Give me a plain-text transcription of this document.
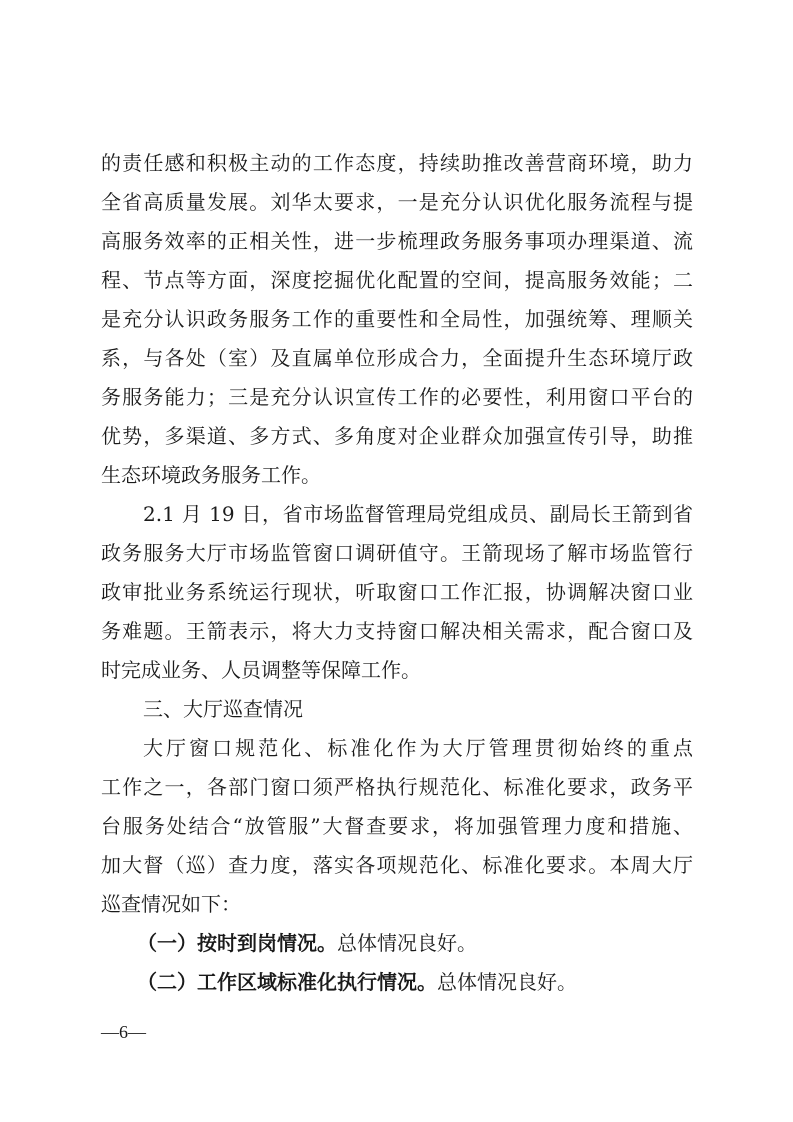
的责任感和积极主动的工作态度，持续助推改善营商环境，助力
全省高质量发展。刘华太要求，一是充分认识优化服务流程与提
高服务效率的正相关性，进一步梳理政务服务事项办理渠道、流
程、节点等方面，深度挖掘优化配置的空间，提高服务效能；二
是充分认识政务服务工作的重要性和全局性，加强统筹、理顺关
系，与各处（室）及直属单位形成合力，全面提升生态环境厅政
务服务能力；三是充分认识宣传工作的必要性，利用窗口平台的
优势，多渠道、多方式、多角度对企业群众加强宣传引导，助推
生态环境政务服务工作。
2.1 月 19 日，省市场监督管理局党组成员、副局长王箭到省
政务服务大厅市场监管窗口调研值守。王箭现场了解市场监管行
政审批业务系统运行现状，听取窗口工作汇报，协调解决窗口业
务难题。王箭表示，将大力支持窗口解决相关需求，配合窗口及
时完成业务、人员调整等保障工作。
三、大厅巡查情况
大厅窗口规范化、标准化作为大厅管理贯彻始终的重点
工作之一，各部门窗口须严格执行规范化、标准化要求，政务平
台服务处结合“放管服”大督查要求，将加强管理力度和措施、
加大督（巡）查力度，落实各项规范化、标准化要求。本周大厅
巡查情况如下：
（一）按时到岗情况。总体情况良好。
（二）工作区域标准化执行情况。总体情况良好。
—6—
